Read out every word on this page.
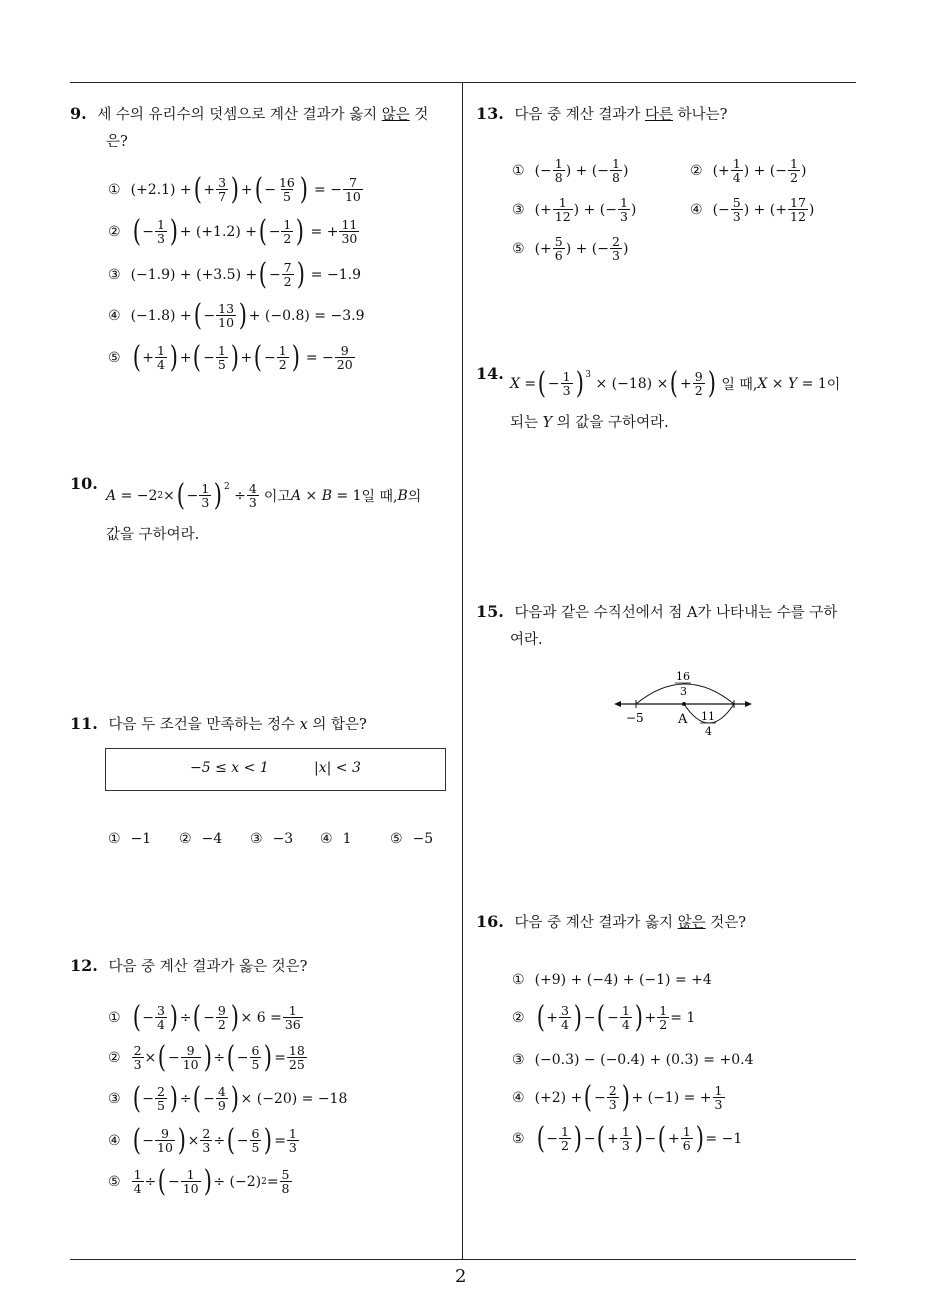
2
9. 세 수의 유리수의 덧셈으로 계산 결과가 옳지 않은 것
은?
① (+2.1) + ( + $\frac{3}{7}$ ) + ( − $\frac{16}{5}$ ) = − $\frac{7}{10}$
② ( − $\frac{1}{3}$ ) + (+1.2) + ( − $\frac{1}{2}$ ) = + $\frac{11}{30}$
③ (−1.9) + (+3.5) + ( − $\frac{7}{2}$ ) = −1.9
④ (−1.8) + ( − $\frac{13}{10}$ ) + (−0.8) = −3.9
⑤ ( + $\frac{1}{4}$ ) + ( − $\frac{1}{5}$ ) + ( − $\frac{1}{2}$ ) = − $\frac{9}{20}$
10.
A = −2 2 × ( − $\frac{1}{3} )^2$
÷ $\frac{4}{3}$ 이고 A × B = 1 일 때, B 의
값을 구하여라.
11. 다음 두 조건을 만족하는 정수 x 의 합은?
−5 ≤ x < 1	|x| < 3
① −1 ② −4 ③ −3 ④ 1	⑤ −5
12. 다음 중 계산 결과가 옳은 것은?
① ( − $\frac{3}{4}$ ) ÷ ( − $\frac{9}{2}$ ) × $6 = \frac{1}{36}$
② $\frac{2}{3}$ × ( − $\frac{9}{10}$ ) ÷ ( − $\frac{6}{5}$ ) = $\frac{18}{25}$
③ ( − $\frac{2}{5}$ ) ÷ ( − $\frac{4}{9}$ ) × (−20) = −18
④ ( − $\frac{9}{10}$ ) × $\frac{2}{3}$ ÷ ( − $\frac{6}{5}$ ) = $\frac{1}{3}$
⑤ $\frac{1}{4}$ ÷ ( − $\frac{1}{10}$ ) ÷ (−2) $2 = \frac{5}{8}$
13. 다음 중 계산 결과가 다른 하나는?
① (− $\frac{1}{8}$ ) + (− $\frac{1}{8}$ )	② (+ $\frac{1}{4}$ ) + (− $\frac{1}{2}$ )
③ (+ $\frac{1}{12}$ ) + (− $\frac{1}{3}$ )	④ (− $\frac{5}{3}$ ) + (+ $\frac{17}{12}$ )
⑤ (+ $\frac{5}{6}$ ) + (− $\frac{2}{3}$ )
14.
X = ( − $\frac{1}{3} )^3$
× (−18) × ( + $\frac{9}{2}$ ) 일 때, X × Y = 1 이
되는 Y 의 값을 구하여라.
15. 다음과 같은 수직선에서 점 A가 나타내는 수를 구하
여라.
−5	A
16
3
11
4
16. 다음 중 계산 결과가 옳지 않은 것은?
① (+9) + (−4) + (−1) = +4
② ( + $\frac{3}{4}$ ) − ( − $\frac{1}{4}$ ) + $\frac{1}{2} = 1$
③ (−0.3) − (−0.4) + (0.3) = +0.4
④ (+2) + ( − $\frac{2}{3}$ ) + (−1) = + $\frac{1}{3}$
⑤ ( − $\frac{1}{2}$ ) − ( + $\frac{1}{3}$ ) − ( + $\frac{1}{6}$ ) = −1
